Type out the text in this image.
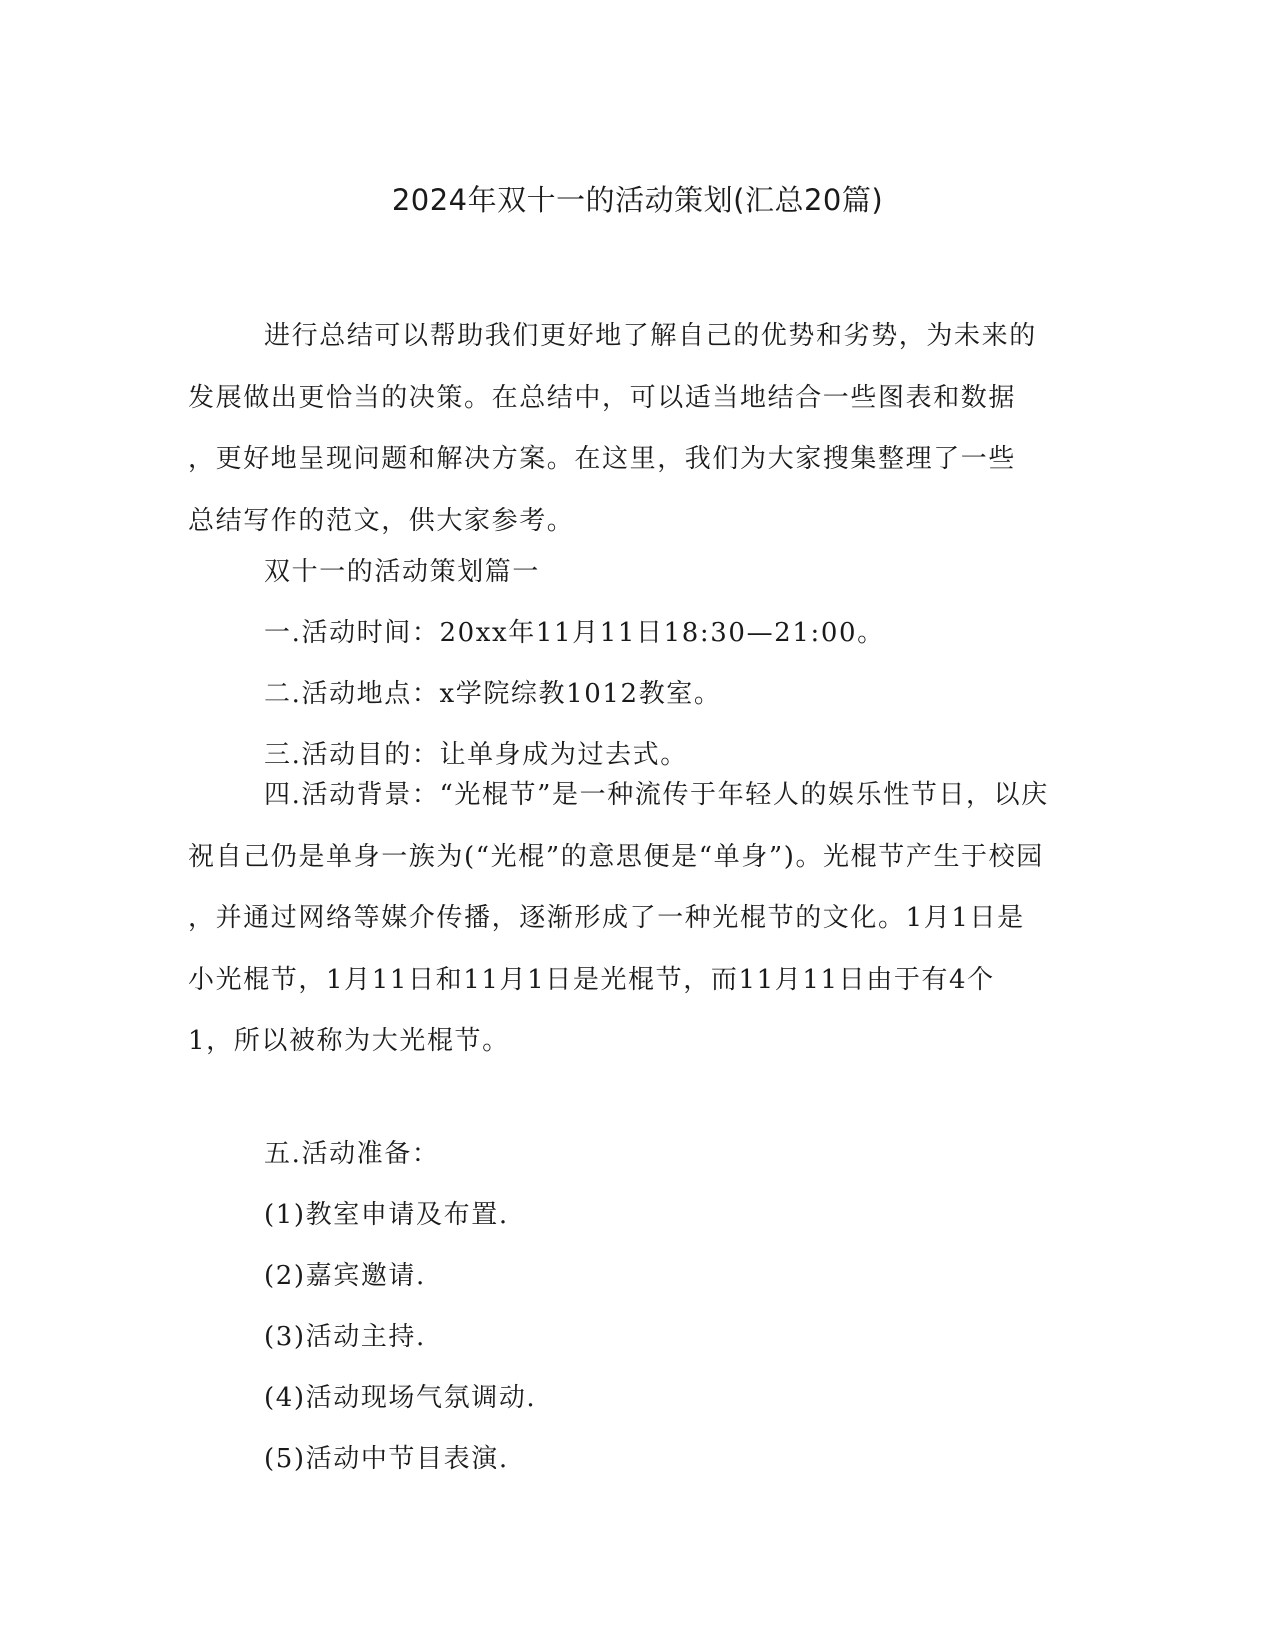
2024年双十一的活动策划(汇总20篇)
进行总结可以帮助我们更好地了解自己的优势和劣势，为未来的
发展做出更恰当的决策。在总结中，可以适当地结合一些图表和数据
，更好地呈现问题和解决方案。在这里，我们为大家搜集整理了一些
总结写作的范文，供大家参考。
双十一的活动策划篇一
一.活动时间：20xx年11月11日18:30—21:00。
二.活动地点：x学院综教1012教室。
三.活动目的：让单身成为过去式。
四.活动背景：“光棍节”是一种流传于年轻人的娱乐性节日，以庆
祝自己仍是单身一族为(“光棍”的意思便是“单身”)。光棍节产生于校园
，并通过网络等媒介传播，逐渐形成了一种光棍节的文化。1月1日是
小光棍节，1月11日和11月1日是光棍节，而11月11日由于有4个
1，所以被称为大光棍节。
五.活动准备：
(1)教室申请及布置.
(2)嘉宾邀请.
(3)活动主持.
(4)活动现场气氛调动.
(5)活动中节目表演.
